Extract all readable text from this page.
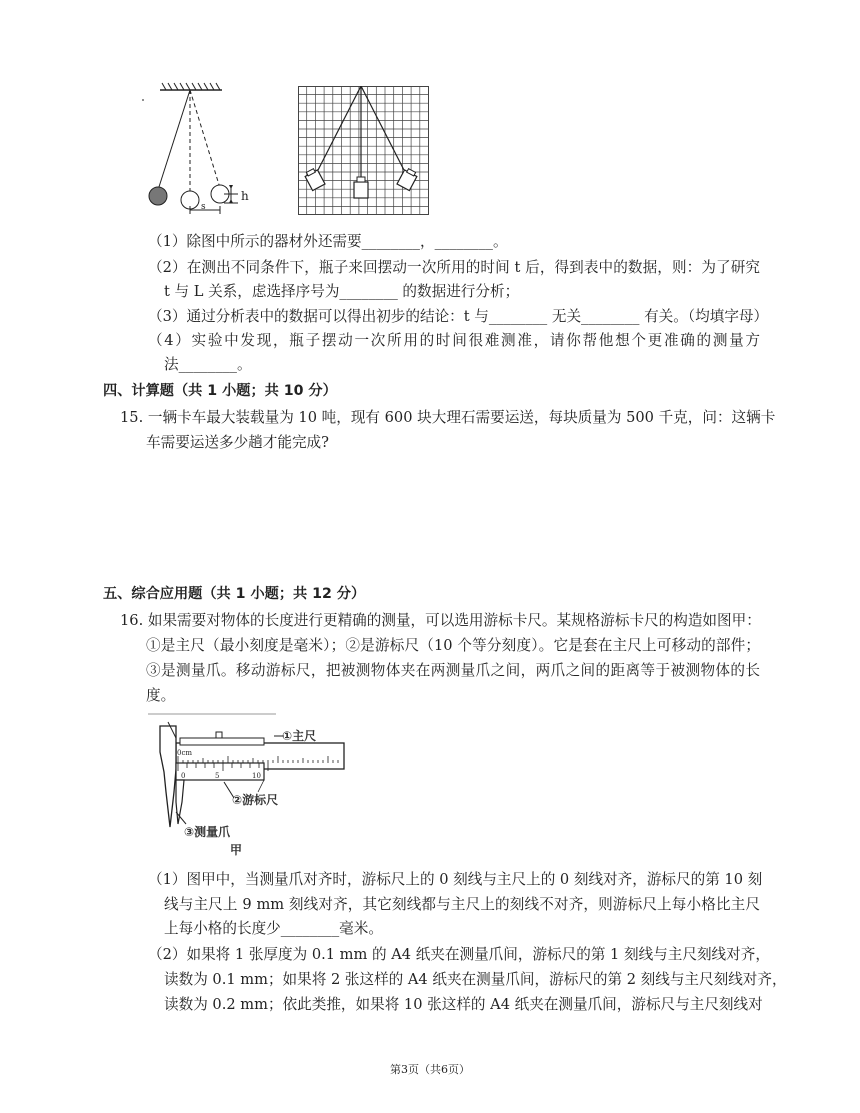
h
s
（1）除图中所示的器材外还需要________，________。
（2）在测出不同条件下，瓶子来回摆动一次所用的时间 t 后，得到表中的数据，则：为了研究
t 与 L 关系，虑选择序号为________ 的数据进行分析；
（3）通过分析表中的数据可以得出初步的结论：t 与________ 无关________ 有关。（均填字母）
（4）实验中发现，瓶子摆动一次所用的时间很难测准，请你帮他想个更准确的测量方
法________。
四、计算题（共 1 小题；共 10 分）
15. 一辆卡车最大装载量为 10 吨，现有 600 块大理石需要运送，每块质量为 500 千克，问：这辆卡
车需要运送多少趟才能完成?
五、综合应用题（共 1 小题；共 12 分）
16. 如果需要对物体的长度进行更精确的测量，可以选用游标卡尺。某规格游标卡尺的构造如图甲：
①是主尺（最小刻度是毫米）；②是游标尺（10 个等分刻度）。它是套在主尺上可移动的部件；
③是测量爪。移动游标尺，把被测物体夹在两测量爪之间，两爪之间的距离等于被测物体的长
度。
0cm
0	5	10
①主尺
②游标尺
③测量爪
甲
（1）图甲中，当测量爪对齐时，游标尺上的 0 刻线与主尺上的 0 刻线对齐，游标尺的第 10 刻
线与主尺上 9 mm 刻线对齐，其它刻线都与主尺上的刻线不对齐，则游标尺上每小格比主尺
上每小格的长度少________毫米。
（2）如果将 1 张厚度为 0.1 mm 的 A4 纸夹在测量爪间，游标尺的第 1 刻线与主尺刻线对齐，
读数为 0.1 mm；如果将 2 张这样的 A4 纸夹在测量爪间，游标尺的第 2 刻线与主尺刻线对齐，
读数为 0.2 mm；依此类推，如果将 10 张这样的 A4 纸夹在测量爪间，游标尺与主尺刻线对
第3页（共6页）
